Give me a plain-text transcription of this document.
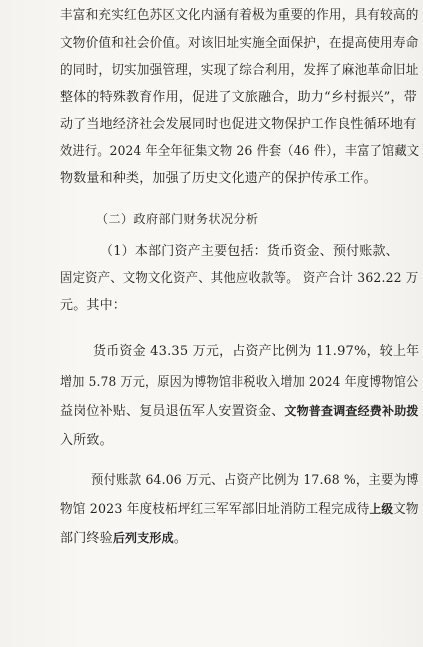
丰富和充实红色苏区文化内涵有着极为重要的作用，具有较高的
文物价值和社会价值。对该旧址实施全面保护，在提高使用寿命
的同时，切实加强管理，实现了综合利用，发挥了麻池革命旧址
整体的特殊教育作用，促进了文旅融合，助力“乡村振兴”，带
动了当地经济社会发展同时也促进文物保护工作良性循环地有
效进行。2024 年全年征集文物 26 件套（46 件），丰富了馆藏文
物数量和种类，加强了历史文化遗产的保护传承工作。
（二）政府部门财务状况分析
（1）本部门资产主要包括：货币资金、预付账款、
固定资产、文物文化资产、其他应收款等。 资产合计 362.22 万
元。其中：
货币资金 43.35 万元，占资产比例为 11.97%，较上年
增加 5.78 万元，原因为博物馆非税收入增加 2024 年度博物馆公
益岗位补贴、复员退伍军人安置资金、文物普查调查经费补助拨
入所致。
预付账款 64.06 万元、占资产比例为 17.68 %，主要为博
物馆 2023 年度枝柘坪红三军军部旧址消防工程完成待上级文物
部门终验后列支形成。
